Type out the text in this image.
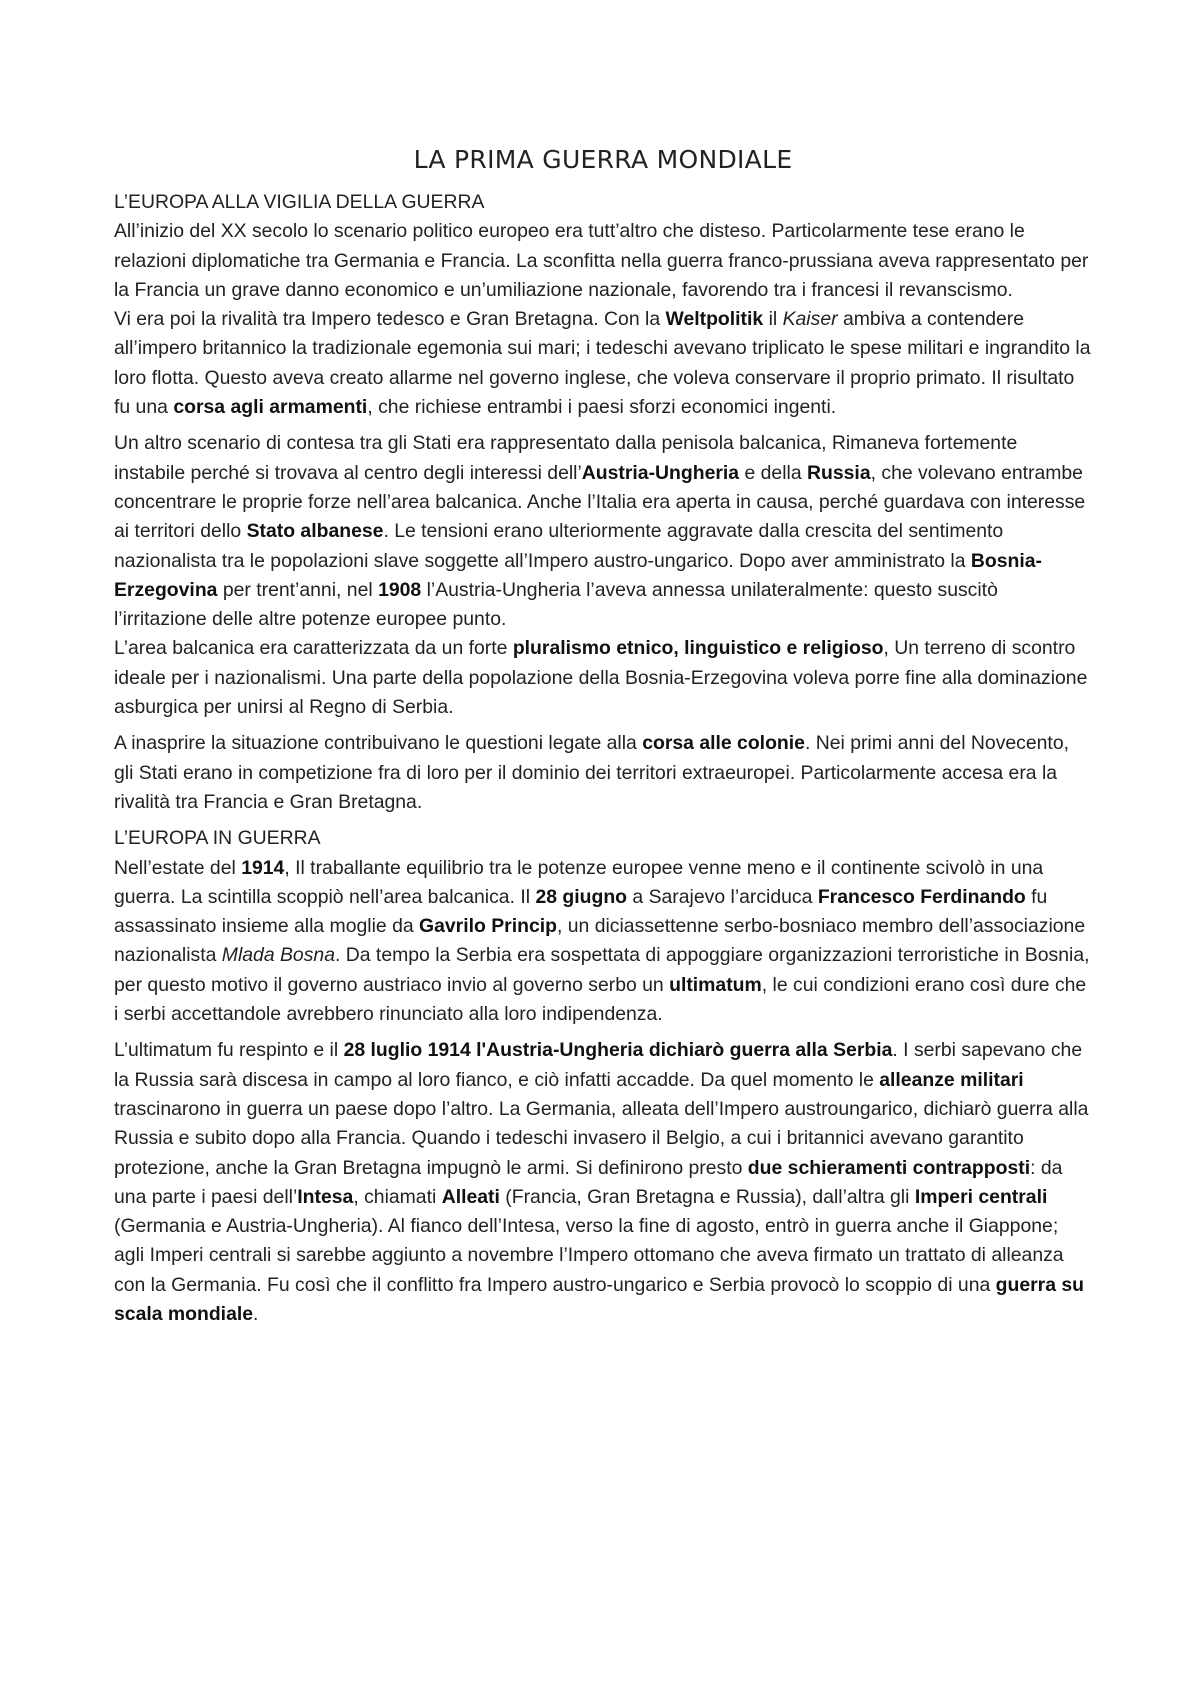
LA PRIMA GUERRA MONDIALE
L’EUROPA ALLA VIGILIA DELLA GUERRA

All’inizio del XX secolo lo scenario politico europeo era tutt’altro che disteso. Particolarmente tese erano le relazioni diplomatiche tra Germania e Francia. La sconfitta nella guerra franco-prussiana aveva rappresentato per la Francia un grave danno economico e un’umiliazione nazionale, favorendo tra i francesi il revanscismo.

Vi era poi la rivalità tra Impero tedesco e Gran Bretagna. Con la Weltpolitik il Kaiser ambiva a contendere all’impero britannico la tradizionale egemonia sui mari; i tedeschi avevano triplicato le spese militari e ingrandito la loro flotta. Questo aveva creato allarme nel governo inglese, che voleva conservare il proprio primato. Il risultato fu una corsa agli armamenti, che richiese entrambi i paesi sforzi economici ingenti.

Un altro scenario di contesa tra gli Stati era rappresentato dalla penisola balcanica, Rimaneva fortemente instabile perché si trovava al centro degli interessi dell’Austria-Ungheria e della Russia, che volevano entrambe concentrare le proprie forze nell’area balcanica. Anche l’Italia era aperta in causa, perché guardava con interesse ai territori dello Stato albanese. Le tensioni erano ulteriormente aggravate dalla crescita del sentimento nazionalista tra le popolazioni slave soggette all’Impero austro-ungarico. Dopo aver amministrato la Bosnia-Erzegovina per trent’anni, nel 1908 l’Austria-Ungheria l’aveva annessa unilateralmente: questo suscitò l’irritazione delle altre potenze europee punto.

L’area balcanica era caratterizzata da un forte pluralismo etnico, linguistico e religioso, Un terreno di scontro ideale per i nazionalismi. Una parte della popolazione della Bosnia-Erzegovina voleva porre fine alla dominazione asburgica per unirsi al Regno di Serbia.

A inasprire la situazione contribuivano le questioni legate alla corsa alle colonie. Nei primi anni del Novecento, gli Stati erano in competizione fra di loro per il dominio dei territori extraeuropei. Particolarmente accesa era la rivalità tra Francia e Gran Bretagna.

L’EUROPA IN GUERRA

Nell’estate del 1914, Il traballante equilibrio tra le potenze europee venne meno e il continente scivolò in una guerra. La scintilla scoppiò nell’area balcanica. Il 28 giugno a Sarajevo l’arciduca Francesco Ferdinando fu assassinato insieme alla moglie da Gavrilo Princip, un diciassettenne serbo-bosniaco membro dell’associazione nazionalista Mlada Bosna. Da tempo la Serbia era sospettata di appoggiare organizzazioni terroristiche in Bosnia, per questo motivo il governo austriaco invio al governo serbo un ultimatum, le cui condizioni erano così dure che i serbi accettandole avrebbero rinunciato alla loro indipendenza.

L’ultimatum fu respinto e il 28 luglio 1914 l'Austria-Ungheria dichiarò guerra alla Serbia. I serbi sapevano che la Russia sarà discesa in campo al loro fianco, e ciò infatti accadde. Da quel momento le alleanze militari trascinarono in guerra un paese dopo l’altro. La Germania, alleata dell’Impero austroungarico, dichiarò guerra alla Russia e subito dopo alla Francia. Quando i tedeschi invasero il Belgio, a cui i britannici avevano garantito protezione, anche la Gran Bretagna impugnò le armi. Si definirono presto due schieramenti contrapposti: da una parte i paesi dell’Intesa, chiamati Alleati (Francia, Gran Bretagna e Russia), dall’altra gli Imperi centrali (Germania e Austria-Ungheria). Al fianco dell’Intesa, verso la fine di agosto, entrò in guerra anche il Giappone; agli Imperi centrali si sarebbe aggiunto a novembre l’Impero ottomano che aveva firmato un trattato di alleanza con la Germania. Fu così che il conflitto fra Impero austro-ungarico e Serbia provocò lo scoppio di una guerra su scala mondiale.
